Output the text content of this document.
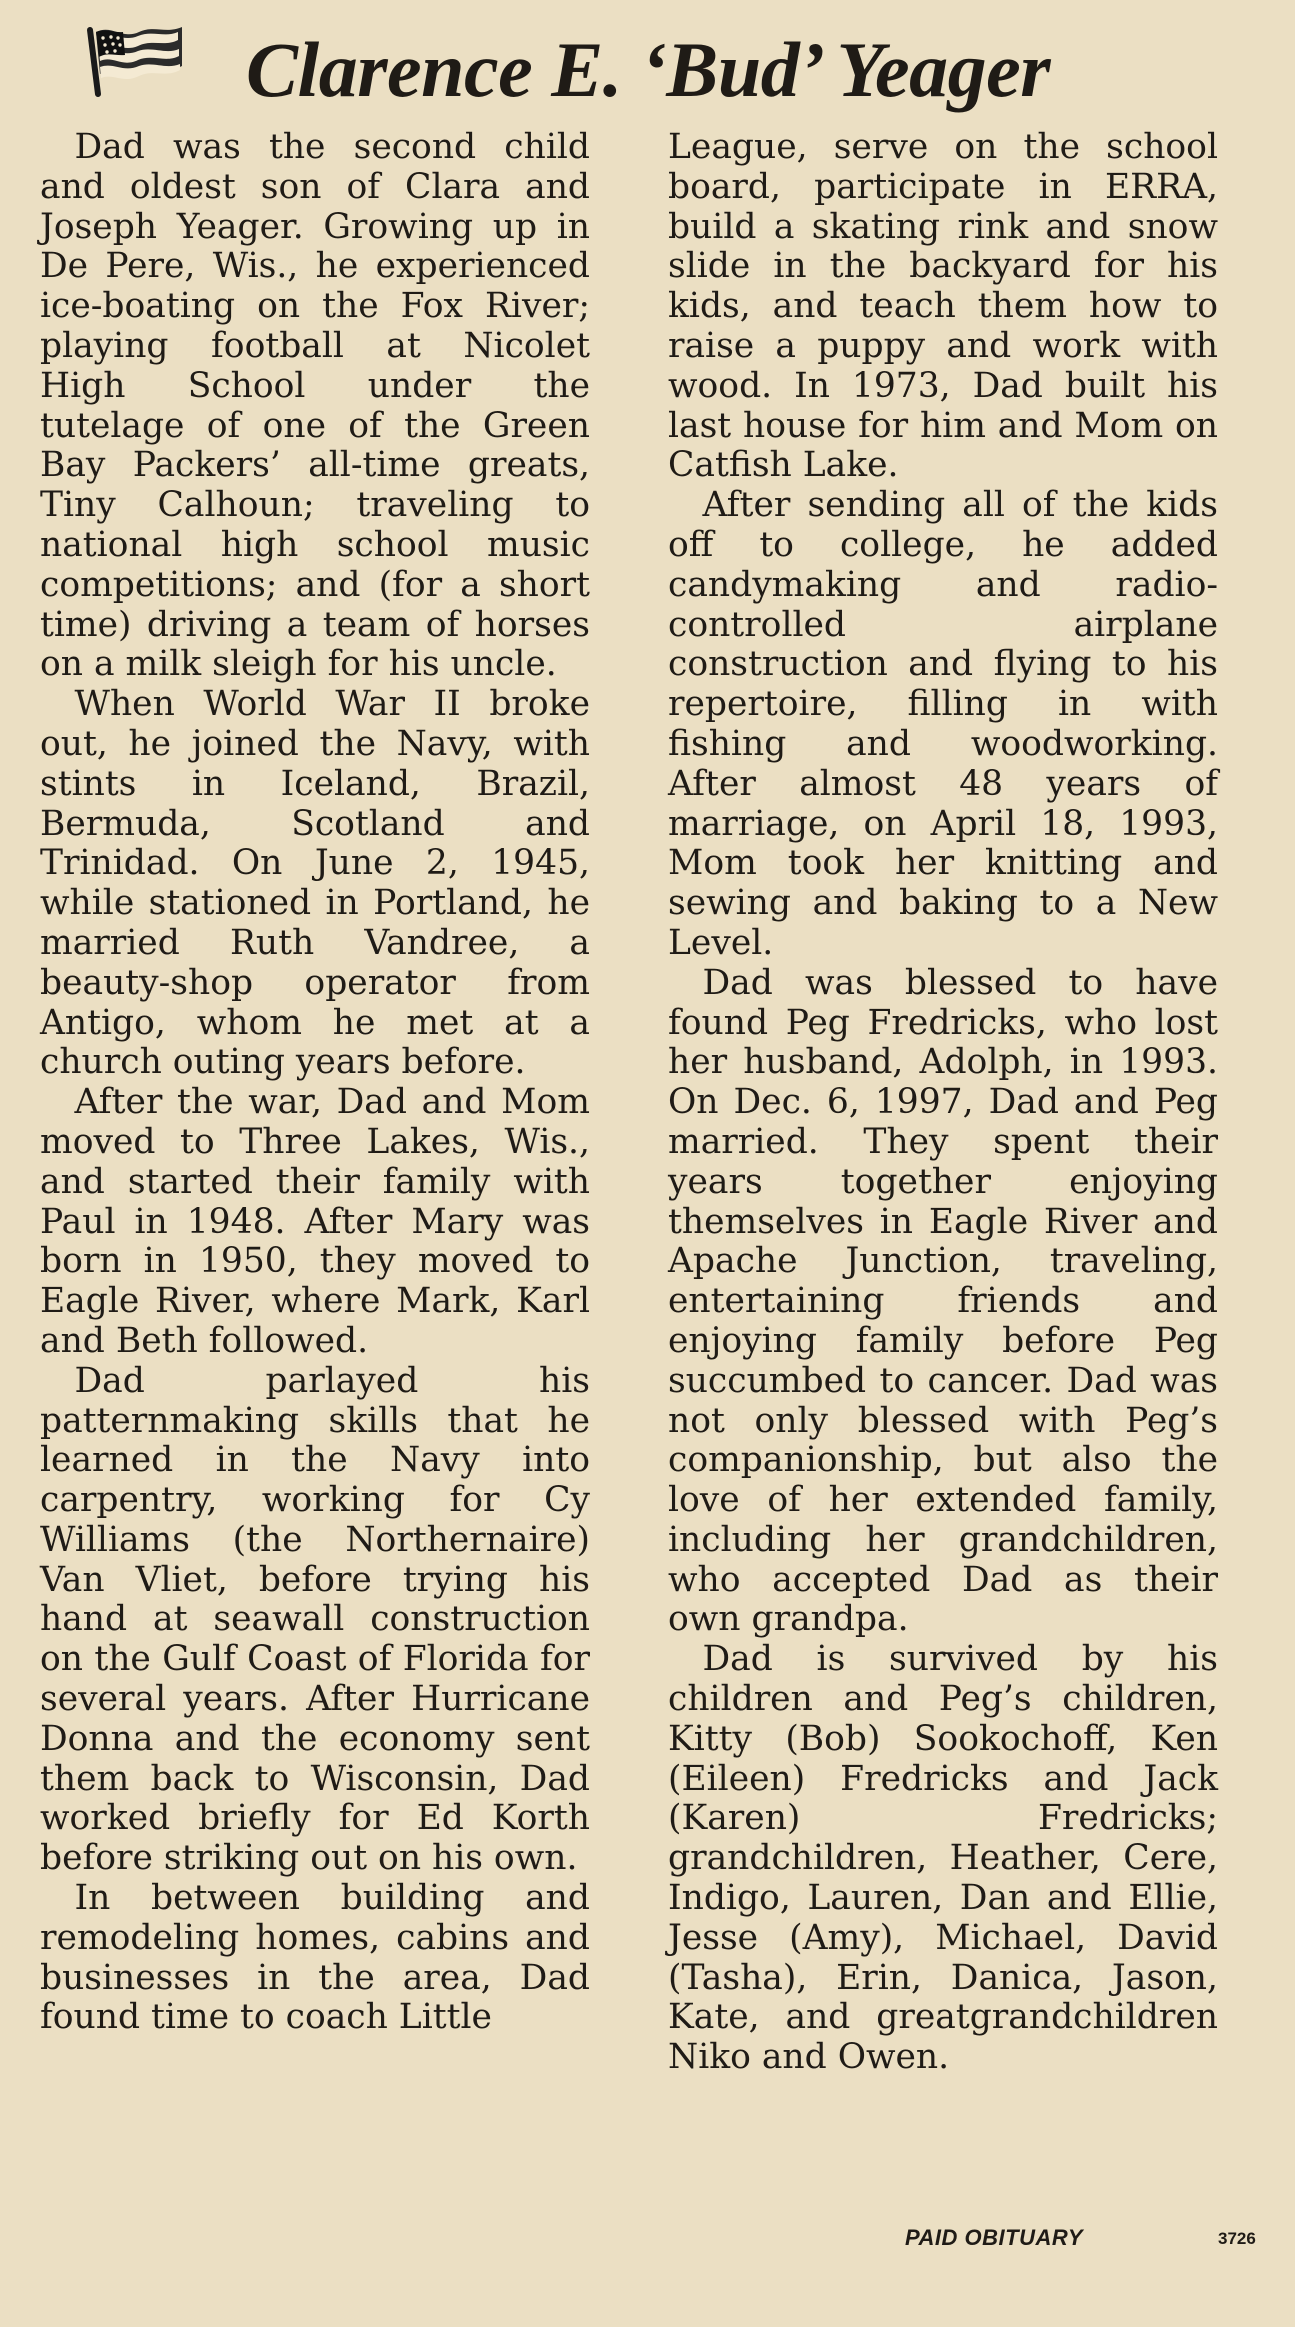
Clarence E. ‘Bud’ Yeager

Dad was the second child and oldest son of Clara and Joseph Yeager. Growing up in De Pere, Wis., he experienced ice-boating on the Fox River; playing football at Nicolet High School under the tutelage of one of the Green Bay Packers’ all-time greats, Tiny Calhoun; traveling to national high school music competitions; and (for a short time) driving a team of horses on a milk sleigh for his uncle.

When World War II broke out, he joined the Navy, with stints in Iceland, Brazil, Bermuda, Scotland and Trinidad. On June 2, 1945, while stationed in Portland, he married Ruth Vandree, a beauty-shop operator from Antigo, whom he met at a church outing years before.

After the war, Dad and Mom moved to Three Lakes, Wis., and started their family with Paul in 1948. After Mary was born in 1950, they moved to Eagle River, where Mark, Karl and Beth followed.

Dad parlayed his patternmaking skills that he learned in the Navy into carpentry, working for Cy Williams (the Northernaire) Van Vliet, before trying his hand at seawall construction on the Gulf Coast of Florida for several years. After Hurricane Donna and the economy sent them back to Wisconsin, Dad worked briefly for Ed Korth before striking out on his own.

In between building and remodeling homes, cabins and businesses in the area, Dad found time to coach Little

League, serve on the school board, participate in ERRA, build a skating rink and snow slide in the backyard for his kids, and teach them how to raise a puppy and work with wood. In 1973, Dad built his last house for him and Mom on Catfish Lake.

After sending all of the kids off to college, he added candymaking and radio-controlled airplane construction and flying to his repertoire, filling in with fishing and woodworking. After almost 48 years of marriage, on April 18, 1993, Mom took her knitting and sewing and baking to a New Level.

Dad was blessed to have found Peg Fredricks, who lost her husband, Adolph, in 1993. On Dec. 6, 1997, Dad and Peg married. They spent their years together enjoying themselves in Eagle River and Apache Junction, traveling, entertaining friends and enjoying family before Peg succumbed to cancer. Dad was not only blessed with Peg’s companionship, but also the love of her extended family, including her grandchildren, who accepted Dad as their own grandpa.

Dad is survived by his children and Peg’s children, Kitty (Bob) Sookochoff, Ken (Eileen) Fredricks and Jack (Karen) Fredricks; grandchildren, Heather, Cere, Indigo, Lauren, Dan and Ellie, Jesse (Amy), Michael, David (Tasha), Erin, Danica, Jason, Kate, and greatgrandchildren Niko and Owen.

PAID OBITUARY	3726
